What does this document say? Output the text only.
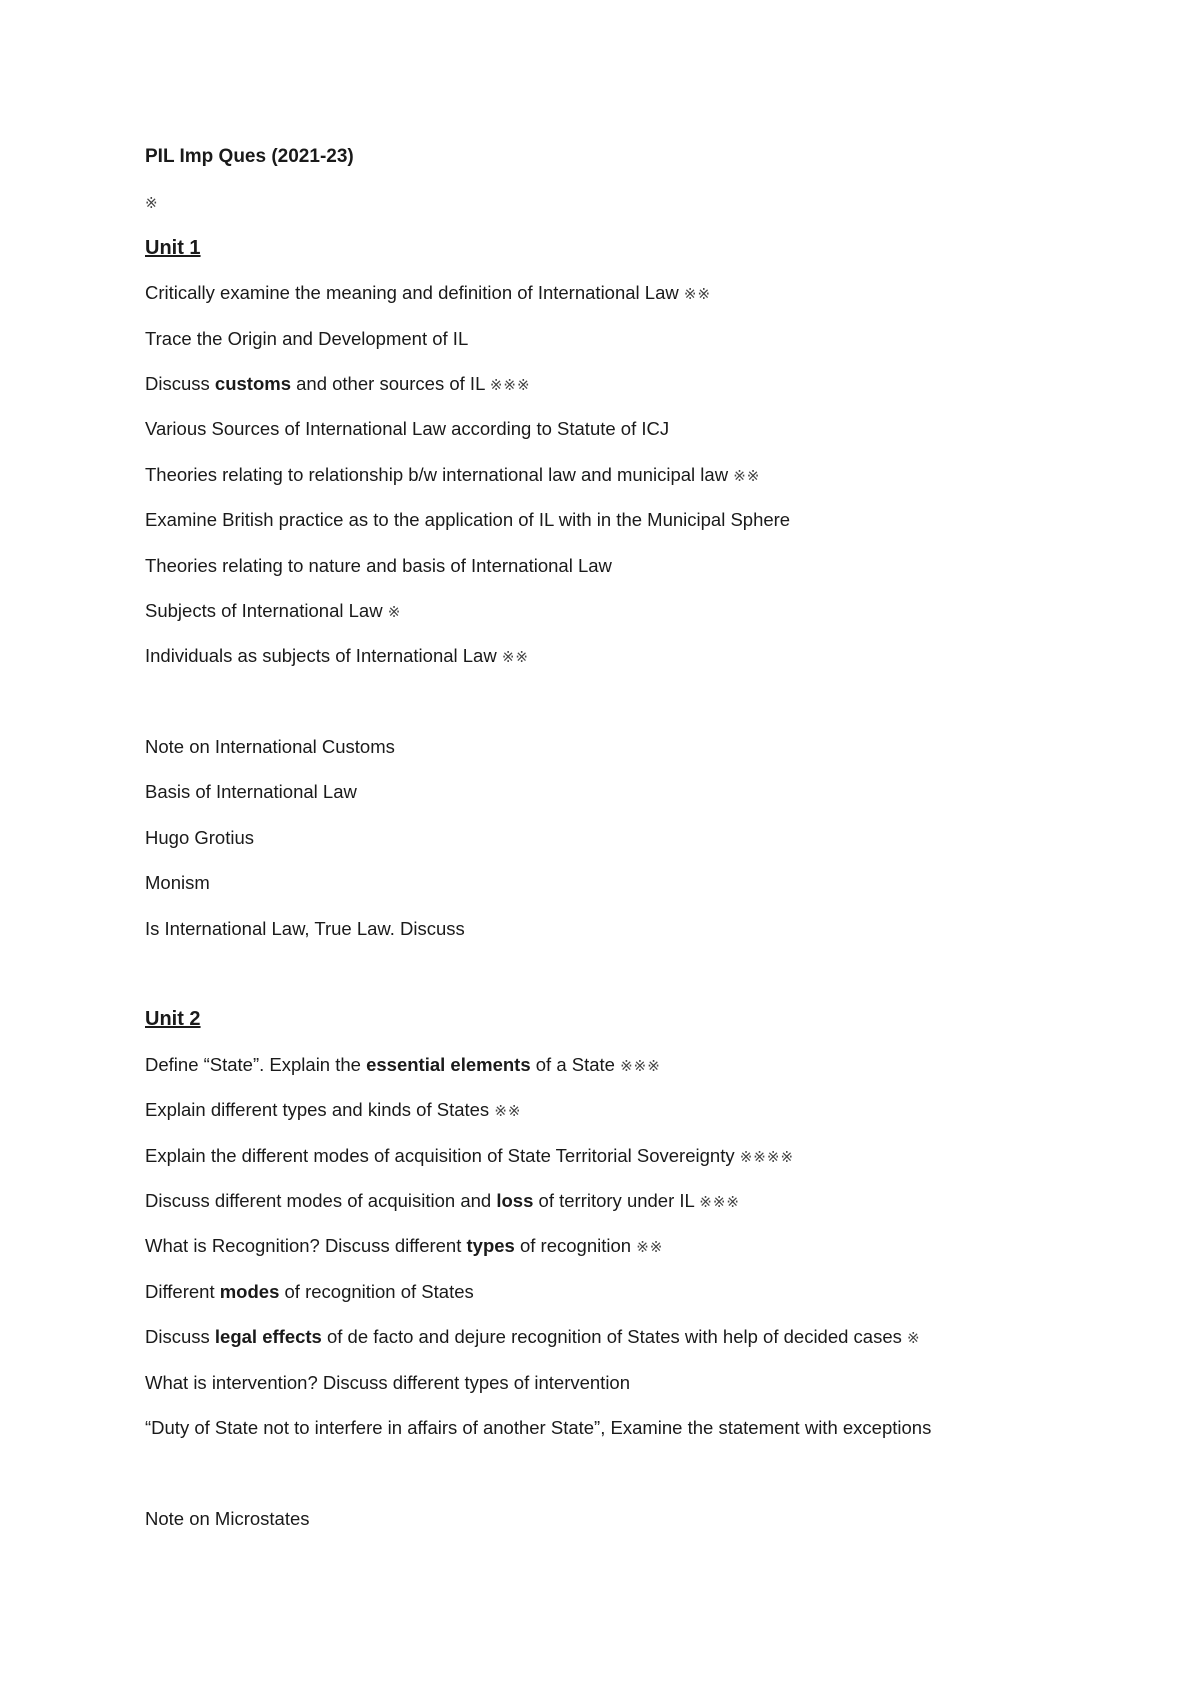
PIL Imp Ques (2021-23)
※
Unit 1
Critically examine the meaning and definition of International Law ※※
Trace the Origin and Development of IL
Discuss customs and other sources of IL ※※※
Various Sources of International Law according to Statute of ICJ
Theories relating to relationship b/w international law and municipal law ※※
Examine British practice as to the application of IL with in the Municipal Sphere
Theories relating to nature and basis of International Law
Subjects of International Law ※
Individuals as subjects of International Law ※※
Note on International Customs
Basis of International Law
Hugo Grotius
Monism
Is International Law, True Law. Discuss
Unit 2
Define “State”. Explain the essential elements of a State ※※※
Explain different types and kinds of States ※※
Explain the different modes of acquisition of State Territorial Sovereignty ※※※※
Discuss different modes of acquisition and loss of territory under IL ※※※
What is Recognition? Discuss different types of recognition ※※
Different modes of recognition of States
Discuss legal effects of de facto and dejure recognition of States with help of decided cases ※
What is intervention? Discuss different types of intervention
“Duty of State not to interfere in affairs of another State”, Examine the statement with exceptions
Note on Microstates
